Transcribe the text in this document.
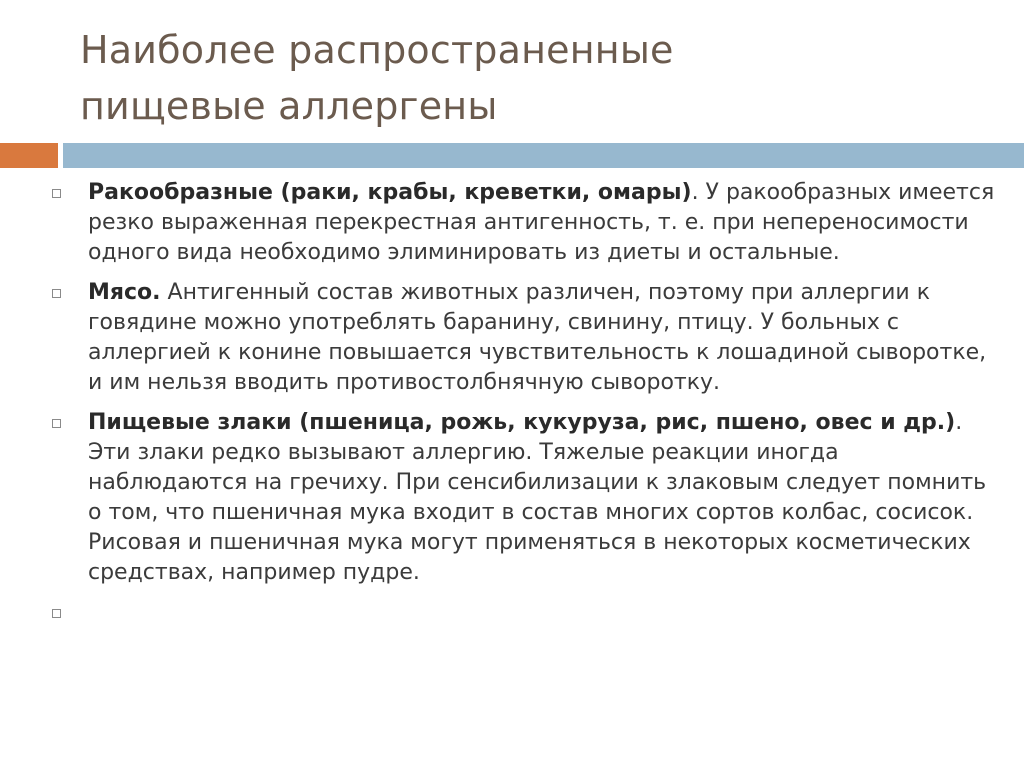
Наиболее распространенные
пищевые аллергены
Ракообразные (раки, крабы, креветки, омары). У ракообразных имеется резко выраженная перекрестная антигенность, т. е. при непереносимости одного вида необходимо элиминировать из диеты и остальные.
Мясо. Антигенный состав животных различен, поэтому при аллергии к говядине можно употреблять баранину, свинину, птицу. У больных с аллергией к конине повышается чувствительность к лошадиной сыворотке, и им нельзя вводить противостолбнячную сыворотку.
Пищевые злаки (пшеница, рожь, кукуруза, рис, пшено, овес и др.). Эти злаки редко вызывают аллергию. Тяжелые реакции иногда наблюдаются на гречиху. При сенсибилизации к злаковым следует помнить о том, что пшеничная мука входит в состав многих сортов колбас, сосисок. Рисовая и пшеничная мука могут применяться в некоторых косметических средствах, например пудре.
